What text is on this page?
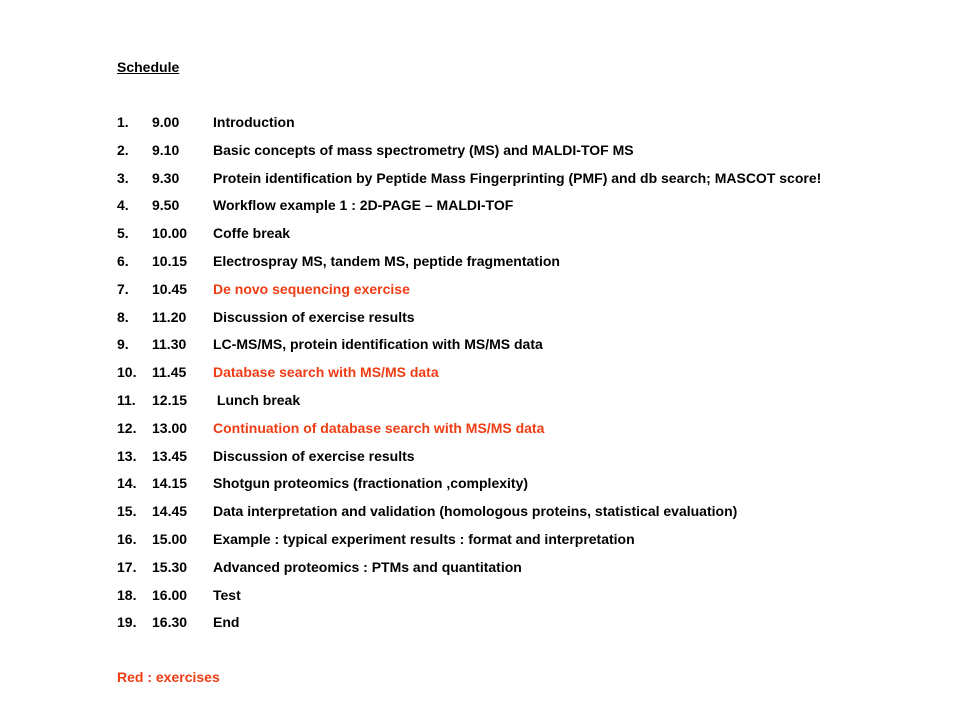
Schedule
1. 9.00 Introduction
2. 9.10 Basic concepts of mass spectrometry (MS) and MALDI-TOF MS
3. 9.30 Protein identification by Peptide Mass Fingerprinting (PMF) and db search; MASCOT score!
4. 9.50 Workflow example 1 : 2D-PAGE – MALDI-TOF
5. 10.00 Coffe break
6. 10.15 Electrospray MS, tandem MS, peptide fragmentation
7. 10.45 De novo sequencing exercise
8. 11.20 Discussion of exercise results
9. 11.30 LC-MS/MS, protein identification with MS/MS data
10. 11.45 Database search with MS/MS data
11. 12.15 Lunch break
12. 13.00 Continuation of database search with MS/MS data
13. 13.45 Discussion of exercise results
14. 14.15 Shotgun proteomics (fractionation ,complexity)
15. 14.45 Data interpretation and validation (homologous proteins, statistical evaluation)
16. 15.00 Example : typical experiment results : format and interpretation
17. 15.30 Advanced proteomics : PTMs and quantitation
18. 16.00 Test
19. 16.30 End
Red : exercises
